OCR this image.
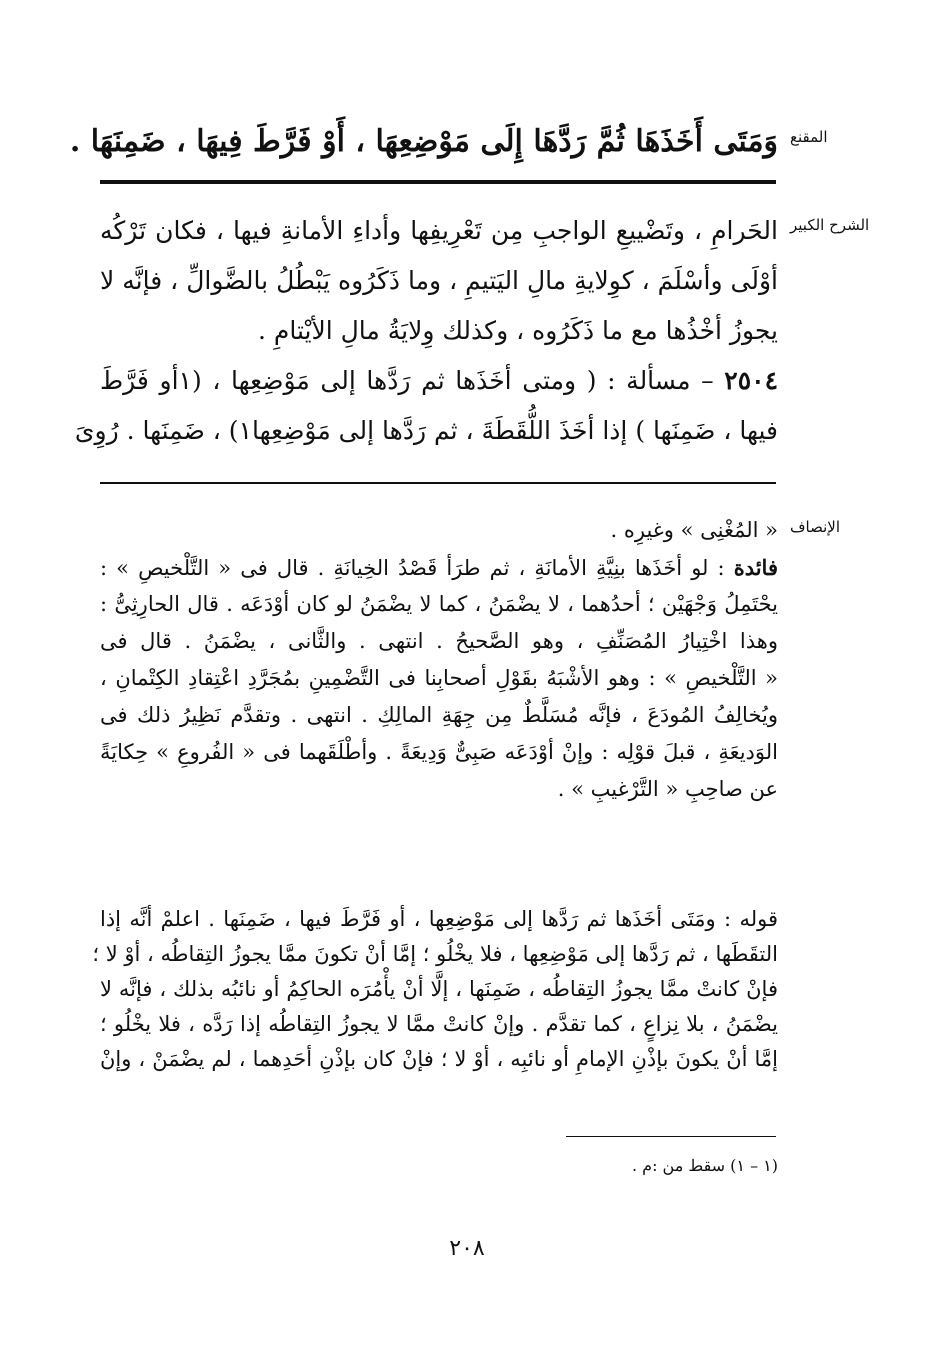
المقنع
الشرح الكبير
الإنصاف
وَمَتَى أَخَذَهَا ثُمَّ رَدَّهَا إِلَى مَوْضِعِهَا ، أَوْ فَرَّطَ فِيهَا ، ضَمِنَهَا .
الحَرامِ ، وتَضْييعِ الواجبِ مِن تَعْرِيفِها وأداءِ الأمانةِ فيها ، فكان تَرْكُه
أوْلَى وأسْلَمَ ، كوِلايةِ مالِ اليَتيمِ ، وما ذَكَرُوه يَبْطُلُ بالضَّوالِّ ، فإنَّه لا
يجوزُ أخْذُها مع ما ذَكَرُوه ، وكذلك وِلايَةُ مالِ الأيْتامِ .
٢٥٠٤ – مسألة : ( ومتى أخَذَها ثم رَدَّها إلى مَوْضِعِها ، (١أو فَرَّطَ
فيها ، ضَمِنَها ) إذا أخَذَ اللُّقَطَةَ ، ثم رَدَّها إلى مَوْضِعِها١) ، ضَمِنَها . رُوِىَ
« المُغْنِى » وغيرِه .
فائدة : لو أخَذَها بنِيَّةِ الأمانَةِ ، ثم طرَأ قَصْدُ الخِيانَةِ . قال فى « التَّلْخيصِ » :
يحْتَمِلُ وَجْهَيْن ؛ أحدُهما ، لا يضْمَنُ ، كما لا يضْمَنُ لو كان أوْدَعَه . قال الحارِثِىُّ :
وهذا اخْتِيارُ المُصَنِّفِ ، وهو الصَّحيحُ . انتهى . والثَّانى ، يضْمَنُ . قال فى
« التَّلْخيصِ » : وهو الأشْبَهُ بقَوْلِ أصحابِنا فى التَّضْمِينِ بمُجَرَّدِ اعْتِقادِ الكِتْمانِ ،
ويُخالِفُ المُودَعَ ، فإنَّه مُسَلَّطٌ مِن جِهَةِ المالِكِ . انتهى . وتقدَّم نَظِيرُ ذلك فى
الوَديعَةِ ، قبلَ قوْلِه : وإنْ أوْدَعَه صَبِىٌّ وَدِيعَةً . وأطْلَقَهما فى « الفُروعِ » حِكايَةً
عن صاحِبِ « التَّرْغيبِ » .
قوله : ومَتَى أخَذَها ثم رَدَّها إلى مَوْضِعِها ، أو فَرَّطَ فيها ، ضَمِنَها . اعلمْ أنَّه إذا
التقَطَها ، ثم رَدَّها إلى مَوْضِعِها ، فلا يخْلُو ؛ إمَّا أنْ تكونَ ممَّا يجوزُ التِقاطُه ، أوْ لا ؛
فإنْ كانتْ ممَّا يجوزُ التِقاطُه ، ضَمِنَها ، إلَّا أنْ يأْمُرَه الحاكِمُ أو نائبُه بذلك ، فإنَّه لا
يضْمَنُ ، بلا نِزاعٍ ، كما تقدَّم . وإنْ كانتْ ممَّا لا يجوزُ التِقاطُه إذا رَدَّه ، فلا يخْلُو ؛
إمَّا أنْ يكونَ بإذْنِ الإمامِ أو نائبِه ، أوْ لا ؛ فإنْ كان بإذْنِ أحَدِهما ، لم يضْمَنْ ، وإنْ
(١ – ١) سقط من :م .
٢٠٨
